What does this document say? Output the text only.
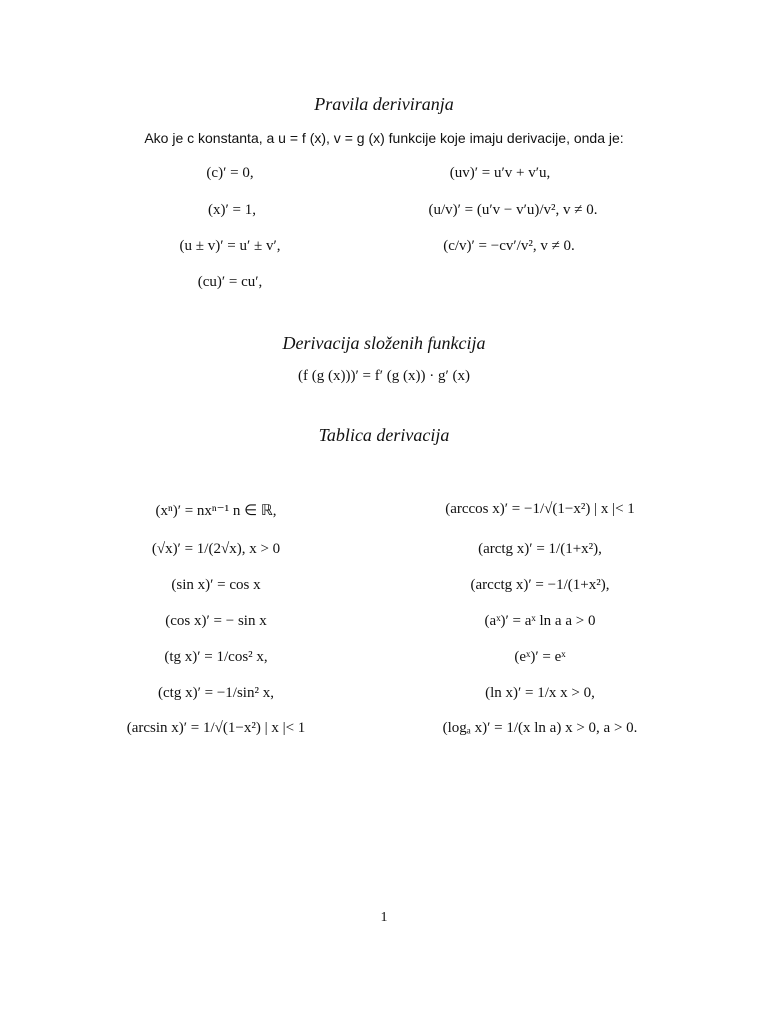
Pravila deriviranja
Ako je c konstanta, a u = f (x), v = g (x) funkcije koje imaju derivacije, onda je:
(c)′ = 0,
(x)′ = 1,
(u ± v)′ = u′ ± v′,
(cu)′ = cu′,
(uv)′ = u′v + v′u,
(u/v)′ = (u′v − v′u)/v², v ≠ 0.
(c/v)′ = −cv′/v², v ≠ 0.
Derivacija složenih funkcija
(f (g (x)))′ = f′ (g (x)) · g′ (x)
Tablica derivacija
(xⁿ)′ = nxⁿ⁻¹ n ∈ ℝ,
(√x)′ = 1/(2√x), x > 0
(sin x)′ = cos x
(cos x)′ = − sin x
(tg x)′ = 1/cos² x,
(ctg x)′ = −1/sin² x,
(arcsin x)′ = 1/√(1−x²) | x |< 1
(arccos x)′ = −1/√(1−x²) | x |< 1
(arctg x)′ = 1/(1+x²),
(arcctg x)′ = −1/(1+x²),
(aˣ)′ = aˣ ln a a > 0
(eˣ)′ = eˣ
(ln x)′ = 1/x x > 0,
(logₐ x)′ = 1/(x ln a) x > 0, a > 0.
1
